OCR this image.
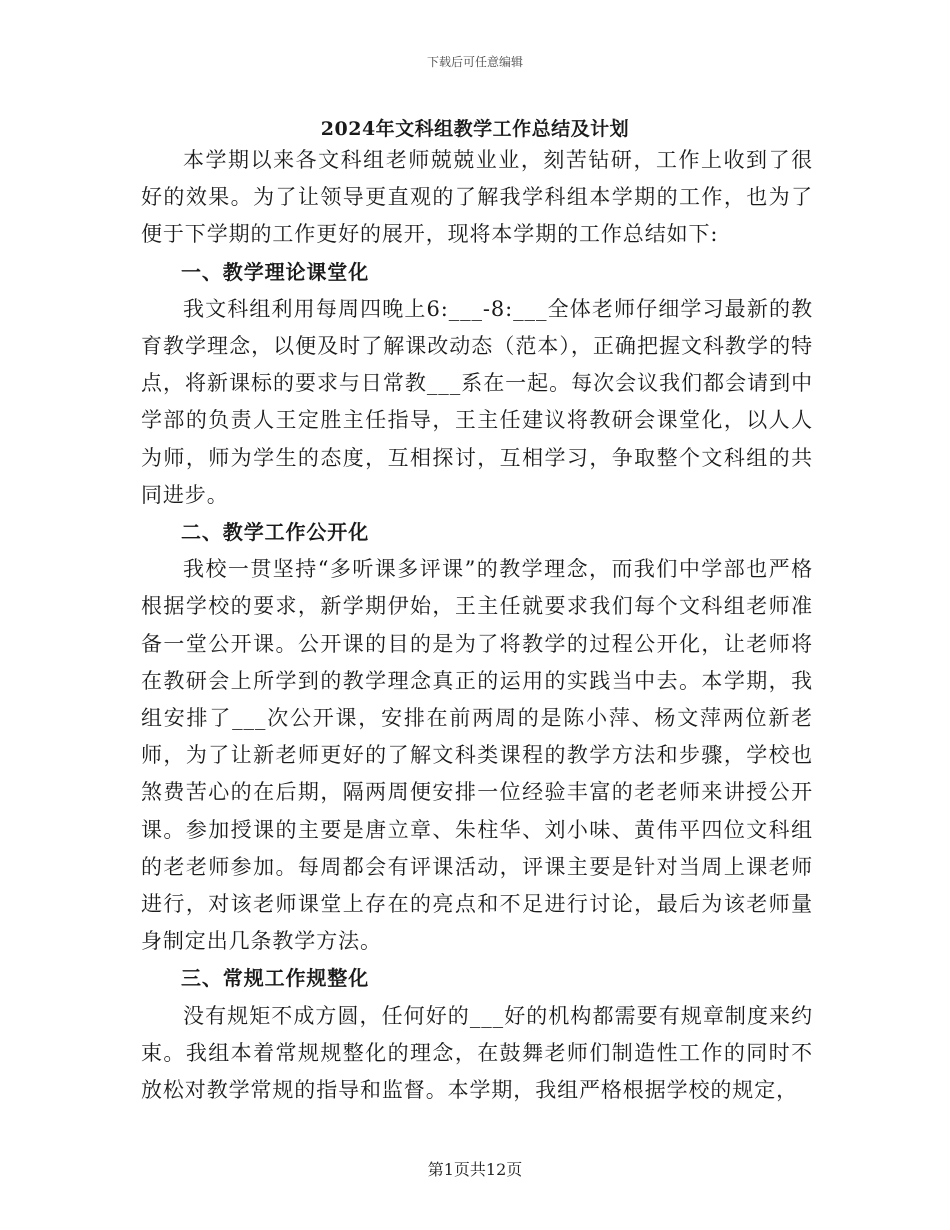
下载后可任意编辑
2024年文科组教学工作总结及计划

本学期以来各文科组老师兢兢业业，刻苦钻研，工作上收到了很好的效果。为了让领导更直观的了解我学科组本学期的工作，也为了便于下学期的工作更好的展开，现将本学期的工作总结如下:

一、教学理论课堂化

我文科组利用每周四晚上6:___-8:___全体老师仔细学习最新的教育教学理念，以便及时了解课改动态（范本），正确把握文科教学的特点，将新课标的要求与日常教___系在一起。每次会议我们都会请到中学部的负责人王定胜主任指导，王主任建议将教研会课堂化，以人人为师，师为学生的态度，互相探讨，互相学习，争取整个文科组的共同进步。

二、教学工作公开化

我校一贯坚持“多听课多评课”的教学理念，而我们中学部也严格根据学校的要求，新学期伊始，王主任就要求我们每个文科组老师准备一堂公开课。公开课的目的是为了将教学的过程公开化，让老师将在教研会上所学到的教学理念真正的运用的实践当中去。本学期，我组安排了___次公开课，安排在前两周的是陈小萍、杨文萍两位新老师，为了让新老师更好的了解文科类课程的教学方法和步骤，学校也煞费苦心的在后期，隔两周便安排一位经验丰富的老老师来讲授公开课。参加授课的主要是唐立章、朱柱华、刘小味、黄伟平四位文科组的老老师参加。每周都会有评课活动，评课主要是针对当周上课老师进行，对该老师课堂上存在的亮点和不足进行讨论，最后为该老师量身制定出几条教学方法。

三、常规工作规整化

没有规矩不成方圆，任何好的___好的机构都需要有规章制度来约束。我组本着常规规整化的理念，在鼓舞老师们制造性工作的同时不放松对教学常规的指导和监督。本学期，我组严格根据学校的规定，

第1页共12页
